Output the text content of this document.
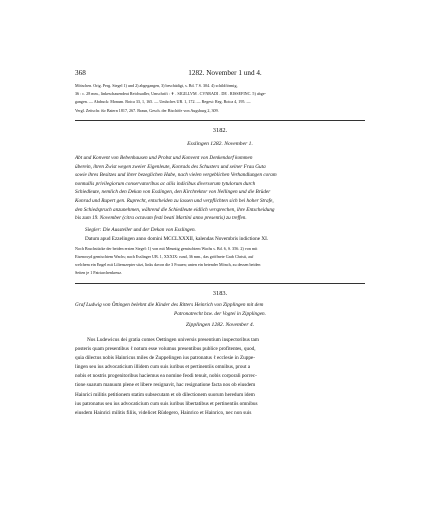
368	1282. November 1 und 4.
Mötschen. Orig. Perg. Siegel 1) und 2) abgegangen, 3) beschädigt, s. Bd. 7 S. 304. 4) schildförmig,
36 : c. 28 mm., linkeschauendeat Reichsadler, Umschrift : ✝ . SIGILLVM . CVNRADI . DE . RISSEFINC. 5) abge-
gangen. — Abdruck: Monum. Boica 33, 1, 165. — Umlsches UB. 1, 172. — Regest: Reg. Boica 4, 195. —
Vergl. Zeitschr. für Baiern 1817, 267. Braun, Gesch. der Bischöfe von Augsburg 2, 309.
3182.
Esslingen 1282. November 1.
Abt und Konvent von Bebenhausen und Probst und Konvent von Denkendorf kommen
überein, ihren Zwist wegen zweier Eigenleute, Konrads des Schusters und seiner Frau Guta
sowie ihres Besitzes und ihrer bezeglichen Habe, nach vielen vergeblichen Verhandlungen coram
nonnullis privilegiorum conservatoribus ac aliis indicibus diversorum tytulorum durch
Schiedleute, nemlich den Dekan von Esslingen, den Kirchrektor von Nellingen und die Brüder
Konrad und Rupert gen. Ruprecht, entscheiden zu lassen und verpflichten sich bei hoher Strafe,
den Schiedspruch anzunehmen, während die Schiedleute eidlich versprechen, ihre Entscheidung
bis zum 19. November (citra octavam festi beati Martini anno presentis) zu treffen.
Siegler: Die Aussteller und der Dekan von Esslingen.
Datum apud Ezzelingen anno domini MCCLXXXII, kalendas Novembris indictione XI.
Noch Bruchstücke der beiden ersten Siegel: 1) von mit Meuntig gemischtem Wachs s. Bd. 6, S. 356. 2) von mit
Eisenoxyd gemischtem Wachs; nach Esslinger UB. 1, XXXIX: rund, 36 mm., das gröffnete Grab Christi, auf
welchem ein Engel mit Lilienszepter sitzt, links davon die 3 Frauen; unten ein betender Mönch, zu dessen beiden
Seiten je 1 Patriarchenkreuz.
3183.
Graf Ludwig von Öttingen belehnt die Kinder des Ritters Heinrich von Zipplingen mit dem
Patronatrecht bzw. der Vogtei in Zipplingen.
Zipplingen 1282. November 4.
Nos Ludewicus dei gratia comes Oettingen universis presentium inspectoribus tam
posteris quam presentibus ℓ notum esse volumus presentibus publice profitentes, quod,
quia dilectus nobis Hainricus miles de Zuppelingen ius patronatus ℓ ecclesie in Zuppe-
lingen seu ius advocaticium illidem cum suis iuribus et pertinentiis omnibus, prout a
nobis et nostris progenitoribus haciemus ea nomine feodi tenuit, nobis corporali porrec-
tione suarum manuum plene et libere resignavit, hac resignatione facta nos ob eiusdem
Hainrici militis petitionem statim subsecutam et ob dilectionem suorum heredum idem
ius patronatus seu ius advocaticium cum suis iuribus libertatibus et pertinentiis omnibus
eiusdem Hainrici militis filiis, videlicet Rüdegero, Hainrico et Hainrico, nec non suis
